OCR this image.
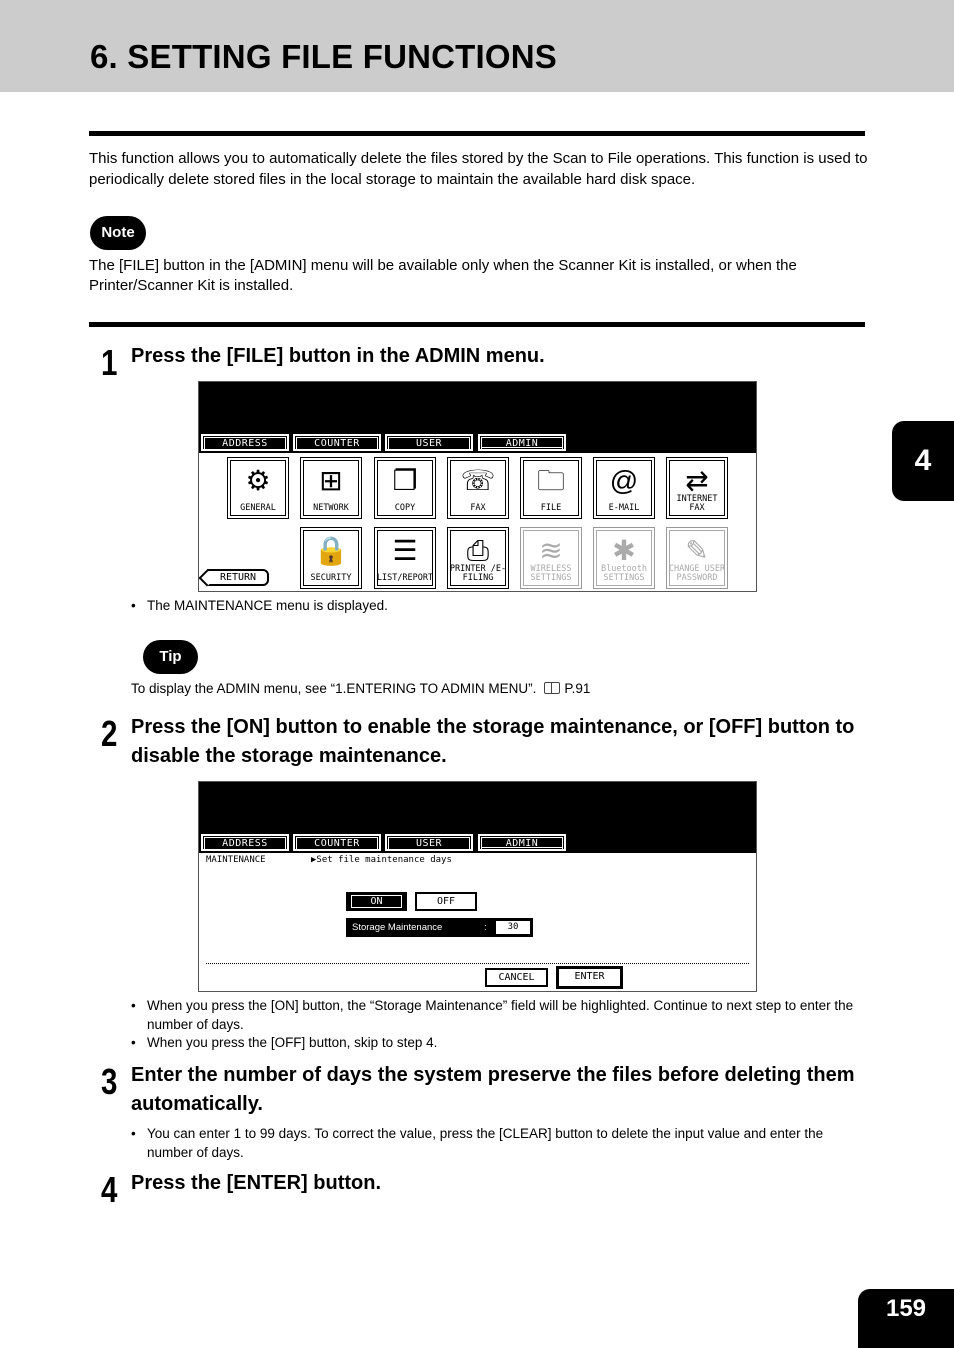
6. SETTING FILE FUNCTIONS

This function allows you to automatically delete the files stored by the Scan to File operations. This function is used to periodically delete stored files in the local storage to maintain the available hard disk space.

Note

The [FILE] button in the [ADMIN] menu will be available only when the Scanner Kit is installed, or when the Printer/Scanner Kit is installed.

1 Press the [FILE] button in the ADMIN menu.
ADDRESS	COUNTER	USER	ADMIN
RETURN
⚙
GENERAL
⊞
NETWORK
❐
COPY
☏
FAX
🗀
FILE
@
E-MAIL
⇄
INTERNET FAX
🔒
SECURITY
☰
LIST/REPORT
⎙
PRINTER /E-FILING
≋
WIRELESS SETTINGS
✱
Bluetooth SETTINGS
✎
CHANGE USER PASSWORD
• The MAINTENANCE menu is displayed.
Tip
To display the ADMIN menu, see “1.ENTERING TO ADMIN MENU”. P.91
2 Press the [ON] button to enable the storage maintenance, or [OFF] button to disable the storage maintenance.
ADDRESS	COUNTER	USER	ADMIN
MAINTENANCE	▶Set file maintenance days
ON	OFF
Storage Maintenance	:	30
CANCEL	ENTER
• When you press the [ON] button, the “Storage Maintenance” field will be highlighted. Continue to next step to enter the number of days.
• When you press the [OFF] button, skip to step 4.
3 Enter the number of days the system preserve the files before deleting them automatically.
• You can enter 1 to 99 days. To correct the value, press the [CLEAR] button to delete the input value and enter the number of days.
4 Press the [ENTER] button.
4
159
